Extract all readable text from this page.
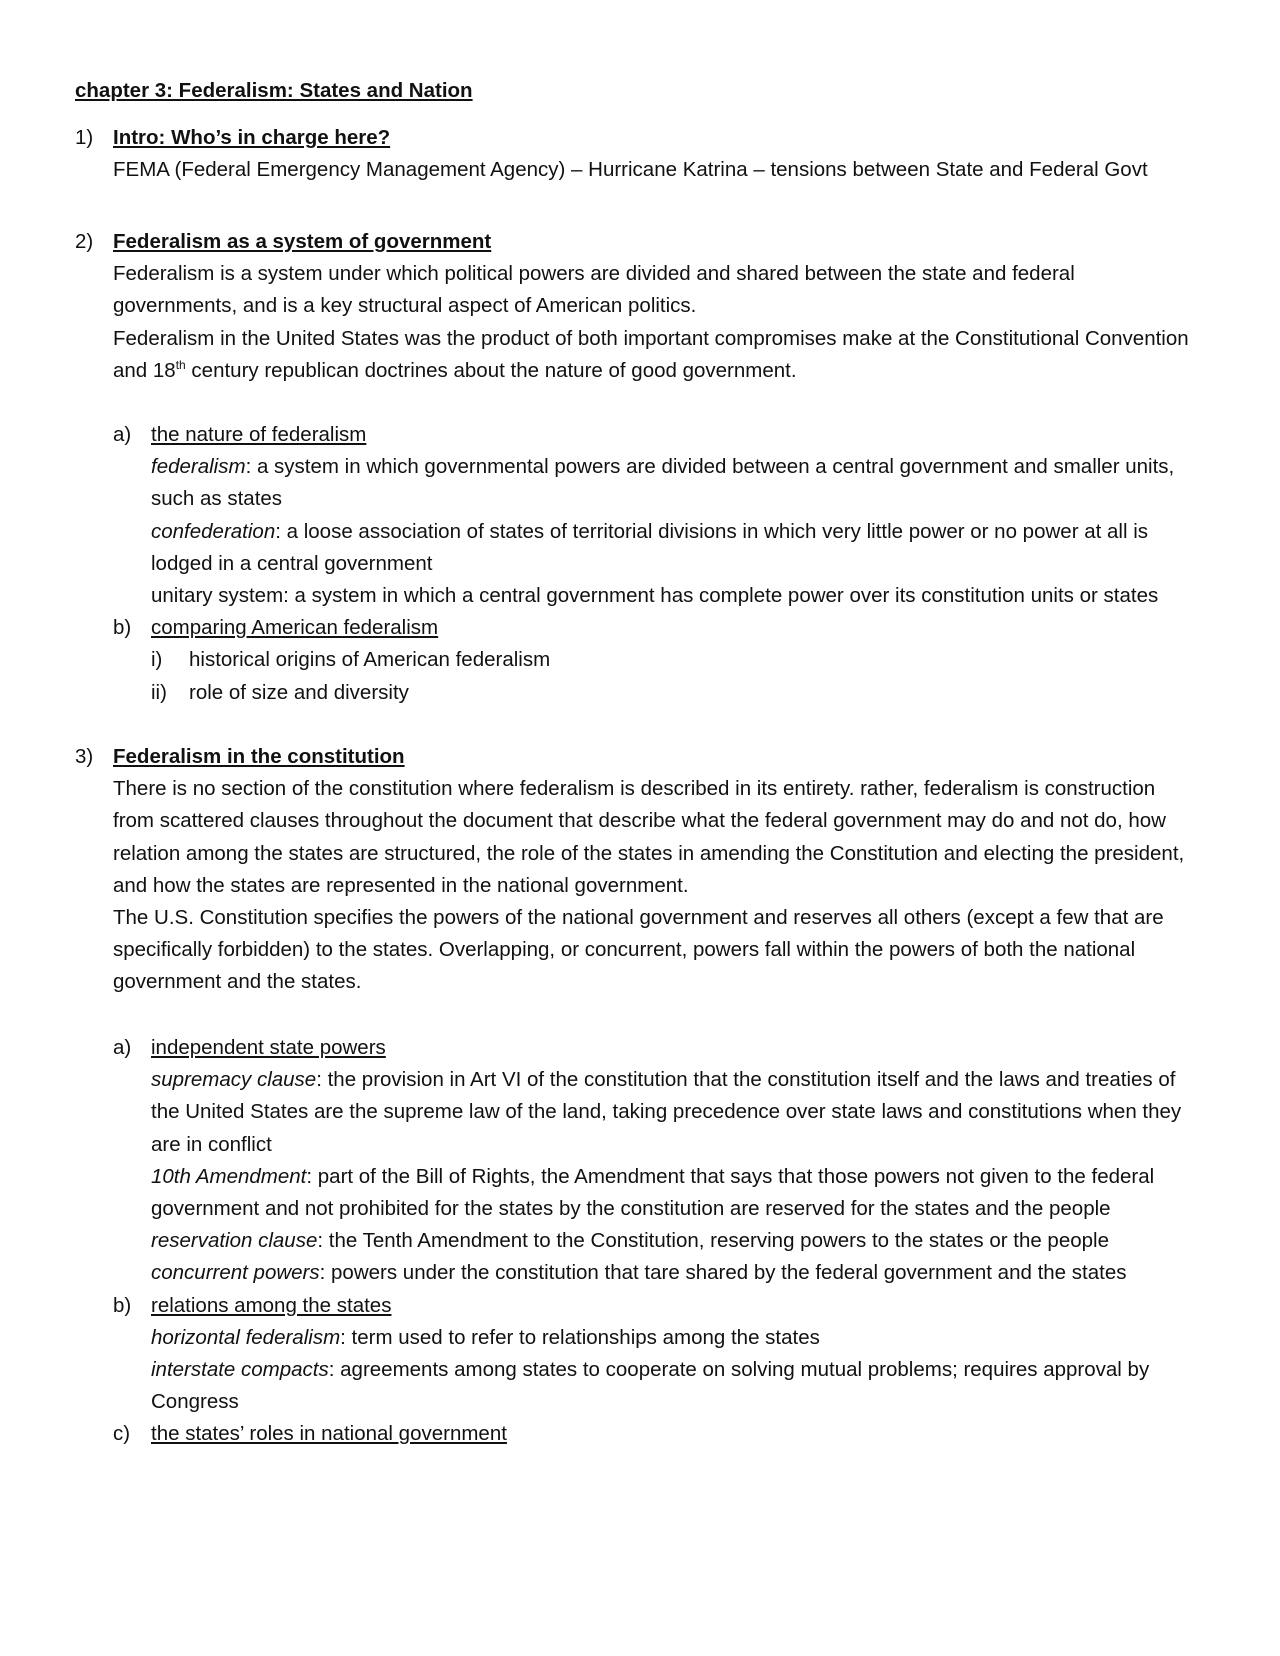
chapter 3: Federalism: States and Nation
1) Intro: Who’s in charge here?
FEMA (Federal Emergency Management Agency) – Hurricane Katrina – tensions between State and Federal Govt
2) Federalism as a system of government
Federalism is a system under which political powers are divided and shared between the state and federal governments, and is a key structural aspect of American politics.
Federalism in the United States was the product of both important compromises make at the Constitutional Convention and 18th century republican doctrines about the nature of good government.
a) the nature of federalism
federalism: a system in which governmental powers are divided between a central government and smaller units, such as states
confederation: a loose association of states of territorial divisions in which very little power or no power at all is lodged in a central government
unitary system: a system in which a central government has complete power over its constitution units or states
b) comparing American federalism
i)	historical origins of American federalism
ii)	role of size and diversity
3) Federalism in the constitution
There is no section of the constitution where federalism is described in its entirety. rather, federalism is construction from scattered clauses throughout the document that describe what the federal government may do and not do, how relation among the states are structured, the role of the states in amending the Constitution and electing the president, and how the states are represented in the national government.
The U.S. Constitution specifies the powers of the national government and reserves all others (except a few that are specifically forbidden) to the states. Overlapping, or concurrent, powers fall within the powers of both the national government and the states.
a) independent state powers
supremacy clause: the provision in Art VI of the constitution that the constitution itself and the laws and treaties of the United States are the supreme law of the land, taking precedence over state laws and constitutions when they are in conflict
10th Amendment: part of the Bill of Rights, the Amendment that says that those powers not given to the federal government and not prohibited for the states by the constitution are reserved for the states and the people
reservation clause: the Tenth Amendment to the Constitution, reserving powers to the states or the people
concurrent powers: powers under the constitution that tare shared by the federal government and the states
b) relations among the states
horizontal federalism: term used to refer to relationships among the states
interstate compacts: agreements among states to cooperate on solving mutual problems; requires approval by Congress
c)	the states’ roles in national government
